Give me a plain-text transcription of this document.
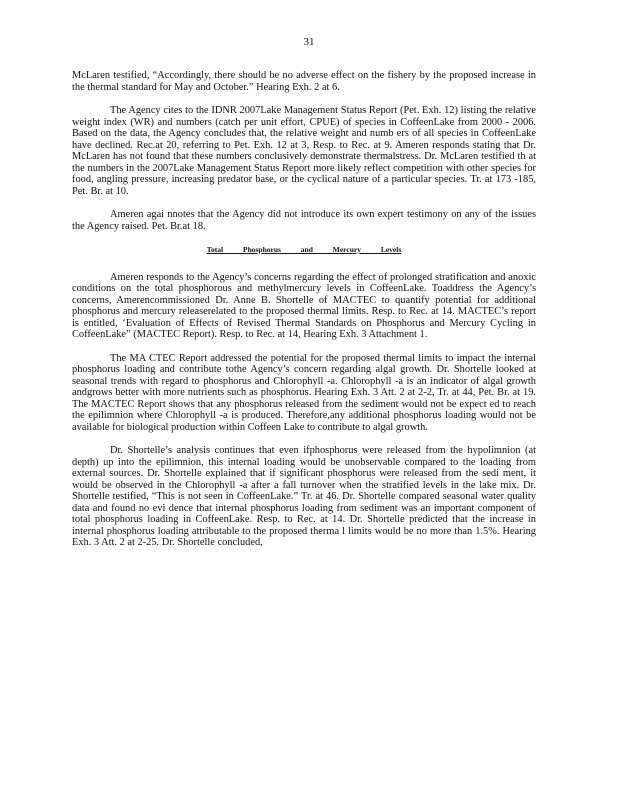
31

McLaren testified, “Accordingly, there should be no adverse effect on the fishery by the proposed increase in the thermal standard for May and October.” Hearing Exh. 2 at 6.

The Agency cites to the IDNR 2007Lake Management Status Report (Pet. Exh. 12) listing the relative weight index (WR) and numbers (catch per unit effort, CPUE) of species in CoffeenLake from 2000 - 2006. Based on the data, the Agency concludes that, the relative weight and numb ers of all species in CoffeenLake have declined. Rec.at 20, referring to Pet. Exh. 12 at 3, Resp. to Rec. at 9. Ameren responds stating that Dr. McLaren has not found that these numbers conclusively demonstrate thermalstress. Dr. McLaren testified th at the numbers in the 2007Lake Management Status Report more likely reflect competition with other species for food, angling pressure, increasing predator base, or the cyclical nature of a particular species. Tr. at 173 -185, Pet. Br. at 10.

Ameren agai nnotes that the Agency did not introduce its own expert testimony on any of the issues the Agency raised. Pet. Br.at 18.

Total Phosphorus and Mercury Levels

Ameren responds to the Agency’s concerns regarding the effect of prolonged stratification and anoxic conditions on the total phosphorous and methylmercury levels in CoffeenLake. Toaddress the Agency’s concerns, Amerencommissioned Dr. Anne B. Shortelle of MACTEC to quantify potential for additional phosphorus and mercury releaserelated to the proposed thermal limits. Resp. to Rec. at 14. MACTEC’s report is entitled, ‘Evaluation of Effects of Revised Thermal Standards on Phosphorus and Mercury Cycling in CoffeenLake” (MACTEC Report). Resp. to Rec. at 14, Hearing Exh. 3 Attachment 1.

The MA CTEC Report addressed the potential for the proposed thermal limits to impact the internal phosphorus loading and contribute tothe Agency’s concern regarding algal growth. Dr. Shortelle looked at seasonal trends with regard to phosphorus and Chlorophyll -a. Chlorophyll -a is an indicator of algal growth andgrows better with more nutrients such as phosphorus. Hearing Exh. 3 Att. 2 at 2-2, Tr. at 44, Pet. Br. at 19. The MACTEC Report shows that any phosphorus released from the sediment would not be expect ed to reach the epilimnion where Chlorophyll -a is produced. Therefore,any additional phosphorus loading would not be available for biological production within Coffeen Lake to contribute to algal growth.

Dr. Shortelle’s analysis continues that even ifphosphorus were released from the hypolimnion (at depth) up into the epilimnion, this internal loading would be unobservable compared to the loading from external sources. Dr. Shortelle explained that if significant phosphorus were released from the sedi ment, it would be observed in the Chlorophyll -a after a fall turnover when the stratified levels in the lake mix. Dr. Shortelle testified, “This is not seen in CoffeenLake.” Tr. at 46. Dr. Shortelle compared seasonal water quality data and found no evi dence that internal phosphorus loading from sediment was an important component of total phosphorus loading in CoffeenLake. Resp. to Rec. at 14. Dr. Shortelle predicted that the increase in internal phosphorus loading attributable to the proposed therma l limits would be no more than 1.5%. Hearing Exh. 3 Att. 2 at 2-25. Dr. Shortelle concluded,
